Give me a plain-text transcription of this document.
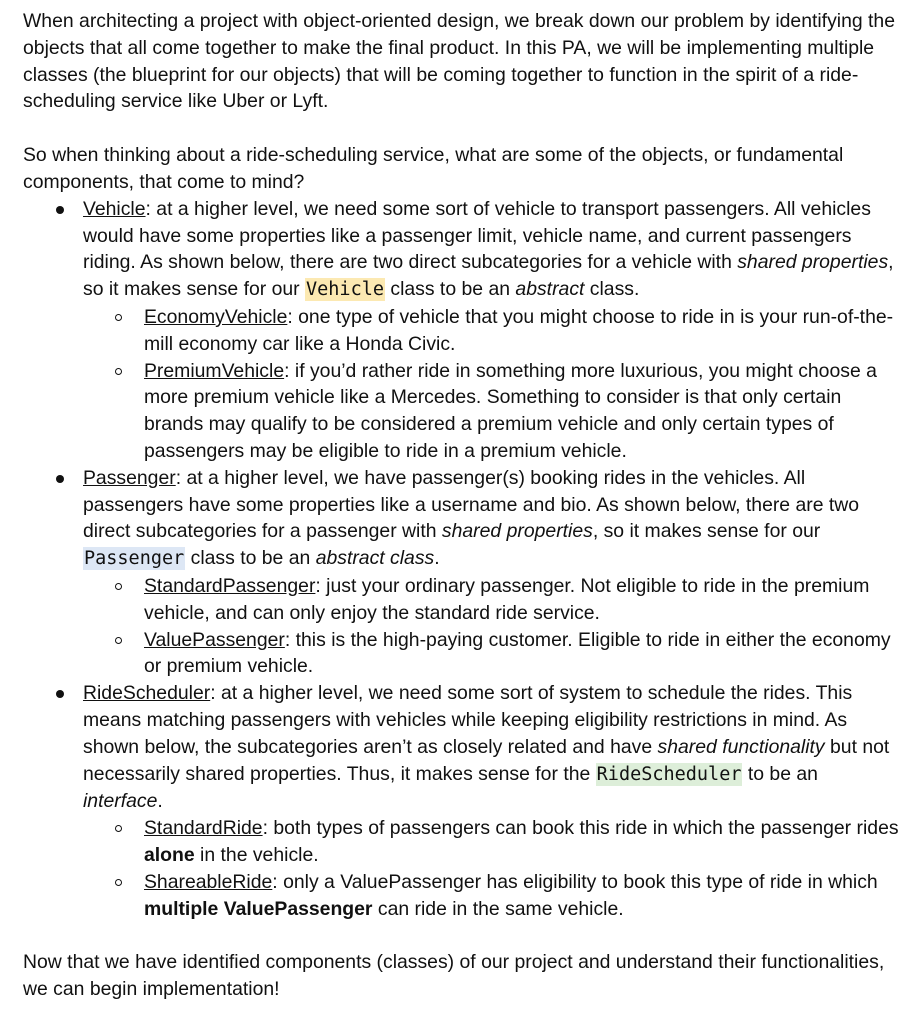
When architecting a project with object-oriented design, we break down our problem by identifying the objects that all come together to make the final product. In this PA, we will be implementing multiple classes (the blueprint for our objects) that will be coming together to function in the spirit of a ride-scheduling service like Uber or Lyft.

So when thinking about a ride-scheduling service, what are some of the objects, or fundamental components, that come to mind?

Vehicle: at a higher level, we need some sort of vehicle to transport passengers. All vehicles would have some properties like a passenger limit, vehicle name, and current passengers riding. As shown below, there are two direct subcategories for a vehicle with shared properties, so it makes sense for our Vehicle class to be an abstract class.
EconomyVehicle: one type of vehicle that you might choose to ride in is your run-of-the-mill economy car like a Honda Civic.
PremiumVehicle: if you’d rather ride in something more luxurious, you might choose a more premium vehicle like a Mercedes. Something to consider is that only certain brands may qualify to be considered a premium vehicle and only certain types of passengers may be eligible to ride in a premium vehicle.
Passenger: at a higher level, we have passenger(s) booking rides in the vehicles. All passengers have some properties like a username and bio. As shown below, there are two direct subcategories for a passenger with shared properties, so it makes sense for our Passenger class to be an abstract class.
StandardPassenger: just your ordinary passenger. Not eligible to ride in the premium vehicle, and can only enjoy the standard ride service.
ValuePassenger: this is the high-paying customer. Eligible to ride in either the economy or premium vehicle.
RideScheduler: at a higher level, we need some sort of system to schedule the rides. This means matching passengers with vehicles while keeping eligibility restrictions in mind. As shown below, the subcategories aren’t as closely related and have shared functionality but not necessarily shared properties. Thus, it makes sense for the RideScheduler to be an interface.
StandardRide: both types of passengers can book this ride in which the passenger rides alone in the vehicle.
ShareableRide: only a ValuePassenger has eligibility to book this type of ride in which multiple ValuePassenger can ride in the same vehicle.

Now that we have identified components (classes) of our project and understand their functionalities, we can begin implementation!
